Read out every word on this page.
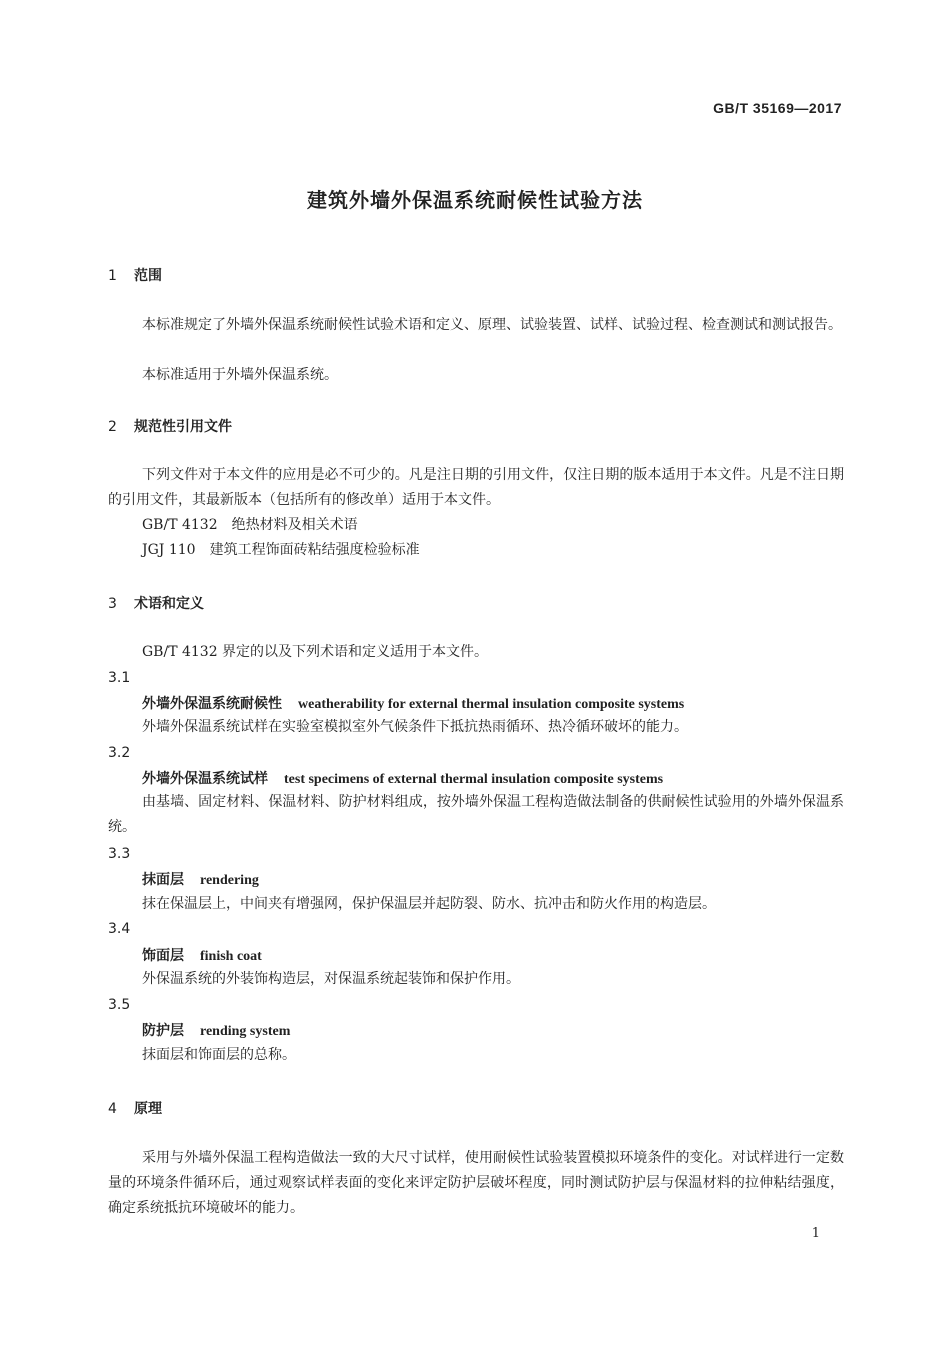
GB/T 35169—2017
建筑外墙外保温系统耐候性试验方法
1 范围

本标准规定了外墙外保温系统耐候性试验术语和定义、原理、试验装置、试样、试验过程、检查测试和测试报告。

本标准适用于外墙外保温系统。

2 规范性引用文件

下列文件对于本文件的应用是必不可少的。凡是注日期的引用文件，仅注日期的版本适用于本文件。凡是不注日期的引用文件，其最新版本（包括所有的修改单）适用于本文件。

GB/T 4132 绝热材料及相关术语
JGJ 110 建筑工程饰面砖粘结强度检验标准
3 术语和定义

GB/T 4132 界定的以及下列术语和定义适用于本文件。

3.1
外墙外保温系统耐候性 weatherability for external thermal insulation composite systems

外墙外保温系统试样在实验室模拟室外气候条件下抵抗热雨循环、热冷循环破坏的能力。

3.2
外墙外保温系统试样 test specimens of external thermal insulation composite systems

由基墙、固定材料、保温材料、防护材料组成，按外墙外保温工程构造做法制备的供耐候性试验用的外墙外保温系统。

3.3
抹面层 rendering

抹在保温层上，中间夹有增强网，保护保温层并起防裂、防水、抗冲击和防火作用的构造层。

3.4
饰面层 finish coat

外保温系统的外装饰构造层，对保温系统起装饰和保护作用。

3.5
防护层 rending system

抹面层和饰面层的总称。

4 原理

采用与外墙外保温工程构造做法一致的大尺寸试样，使用耐候性试验装置模拟环境条件的变化。对试样进行一定数量的环境条件循环后，通过观察试样表面的变化来评定防护层破坏程度，同时测试防护层与保温材料的拉伸粘结强度，确定系统抵抗环境破坏的能力。

1
